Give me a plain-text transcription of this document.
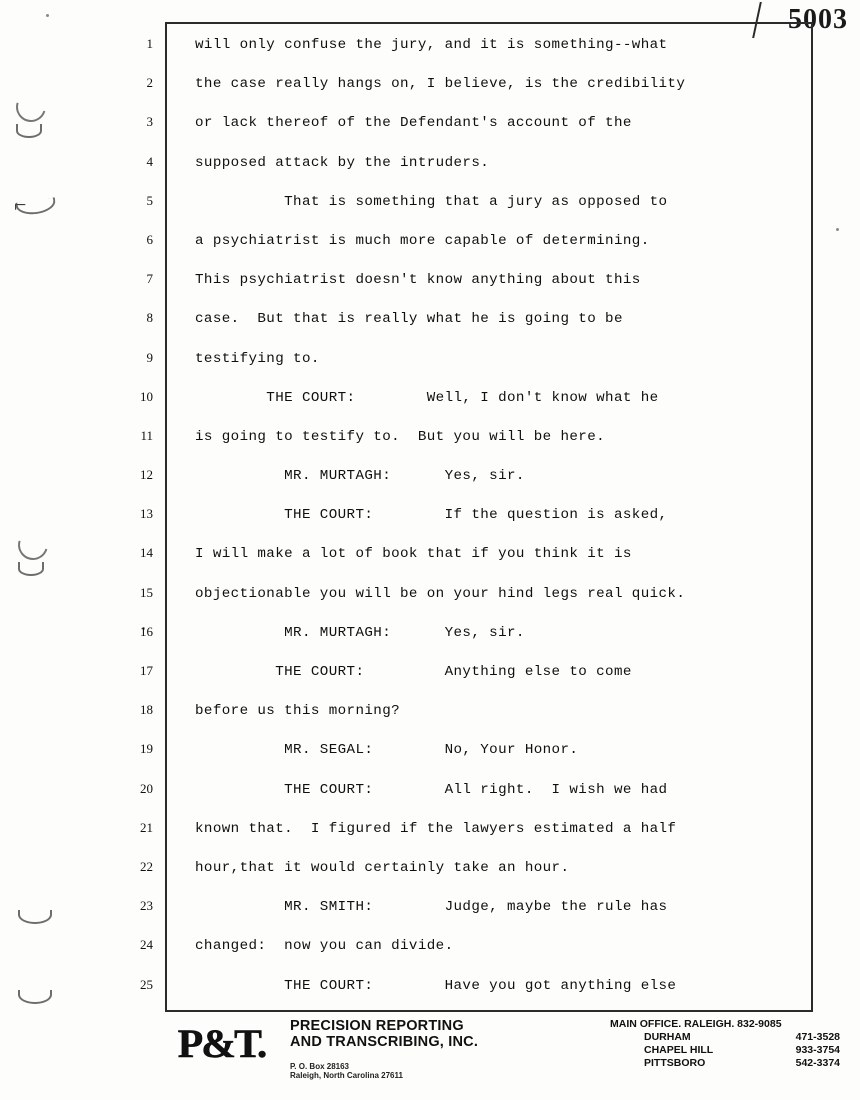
5003
⌐
1
2
3
4
5
6
7
8
9
10
11
12
13
14
15
16
17
18
19
20
21
22
23
24
25
will only confuse the jury, and it is something--what
the case really hangs on, I believe, is the credibility
or lack thereof of the Defendant's account of the
supposed attack by the intruders.
That is something that a jury as opposed to
a psychiatrist is much more capable of determining.
This psychiatrist doesn't know anything about this
case.  But that is really what he is going to be
testifying to.
THE COURT:        Well, I don't know what he
is going to testify to.  But you will be here.
MR. MURTAGH:      Yes, sir.
THE COURT:        If the question is asked,
I will make a lot of book that if you think it is
objectionable you will be on your hind legs real quick.
MR. MURTAGH:      Yes, sir.
THE COURT:         Anything else to come
before us this morning?
MR. SEGAL:        No, Your Honor.
THE COURT:        All right.  I wish we had
known that.  I figured if the lawyers estimated a half
hour,that it would certainly take an hour.
MR. SMITH:        Judge, maybe the rule has
changed:  now you can divide.
THE COURT:        Have you got anything else
P&T.	PRECISION REPORTING
AND TRANSCRIBING, INC.
P. O. Box 28163
Raleigh, North Carolina 27611
MAIN OFFICE. RALEIGH. 832-9085
DURHAM	471-3528
CHAPEL HILL	933-3754
PITTSBORO	542-3374
